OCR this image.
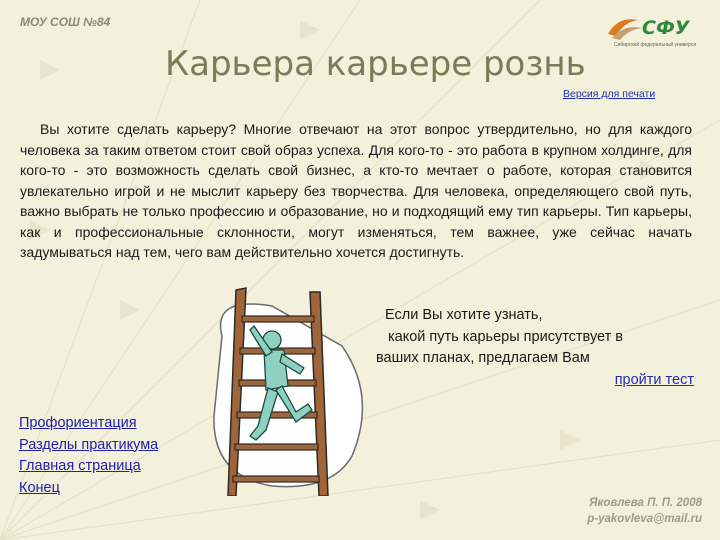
МОУ СОШ №84	СФУ
Сибирский федеральный университет
Карьера карьере рознь
Версия для печати
Вы хотите сделать карьеру? Многие отвечают на этот вопрос утвердительно, но для каждого человека за таким ответом стоит свой образ успеха. Для кого-то - это работа в крупном холдинге, для кого-то - это возможность сделать свой бизнес, а кто-то мечтает о работе, которая становится увлекательно игрой и не мыслит карьеру без творчества. Для человека, определяющего свой путь, важно выбрать не только профессию и образование, но и подходящий ему тип карьеры. Тип карьеры, как и профессиональные склонности, могут изменяться, тем важнее, уже сейчас начать задумываться над тем, чего вам действительно хочется достигнуть.
Если Вы хотите узнать,
какой путь карьеры присутствует в
ваших планах, предлагаем Вам
пройти тест
Профориентация
Разделы практикума
Главная страница
Конец
Яковлева П. П. 2008
p-yakovleva@mail.ru
